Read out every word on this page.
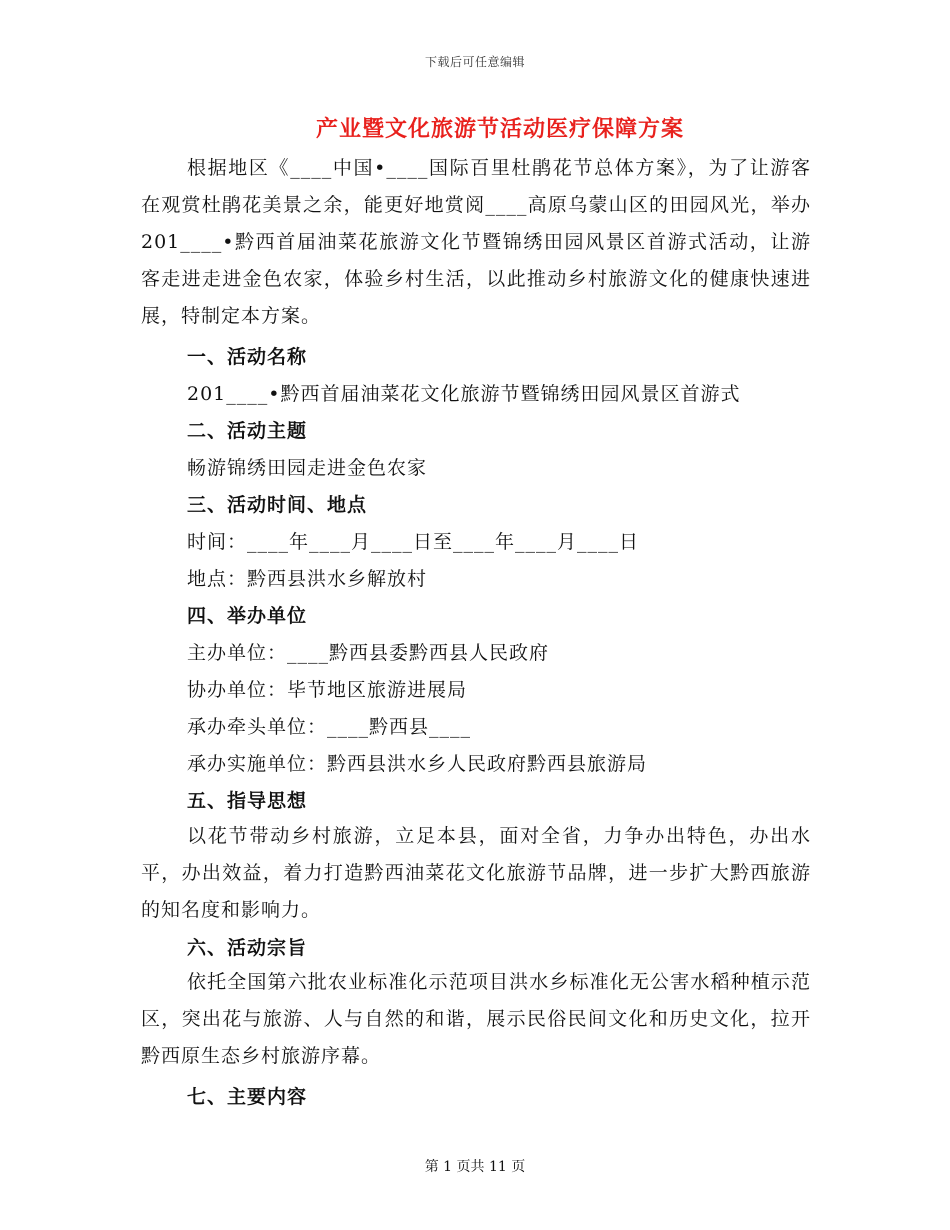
下载后可任意编辑
产业暨文化旅游节活动医疗保障方案

根据地区《____中国•____国际百里杜鹃花节总体方案》，为了让游客在观赏杜鹃花美景之余，能更好地赏阅____高原乌蒙山区的田园风光，举办201____•黔西首届油菜花旅游文化节暨锦绣田园风景区首游式活动，让游客走进走进金色农家，体验乡村生活，以此推动乡村旅游文化的健康快速进展，特制定本方案。

一、活动名称
201____•黔西首届油菜花文化旅游节暨锦绣田园风景区首游式
二、活动主题
畅游锦绣田园走进金色农家
三、活动时间、地点
时间：____年____月____日至____年____月____日
地点：黔西县洪水乡解放村
四、举办单位
主办单位：____黔西县委黔西县人民政府
协办单位：毕节地区旅游进展局
承办牵头单位：____黔西县____
承办实施单位：黔西县洪水乡人民政府黔西县旅游局
五、指导思想

以花节带动乡村旅游，立足本县，面对全省，力争办出特色，办出水平，办出效益，着力打造黔西油菜花文化旅游节品牌，进一步扩大黔西旅游的知名度和影响力。

六、活动宗旨

依托全国第六批农业标准化示范项目洪水乡标准化无公害水稻种植示范区，突出花与旅游、人与自然的和谐，展示民俗民间文化和历史文化，拉开黔西原生态乡村旅游序幕。

七、主要内容
第 1 页共 11 页
